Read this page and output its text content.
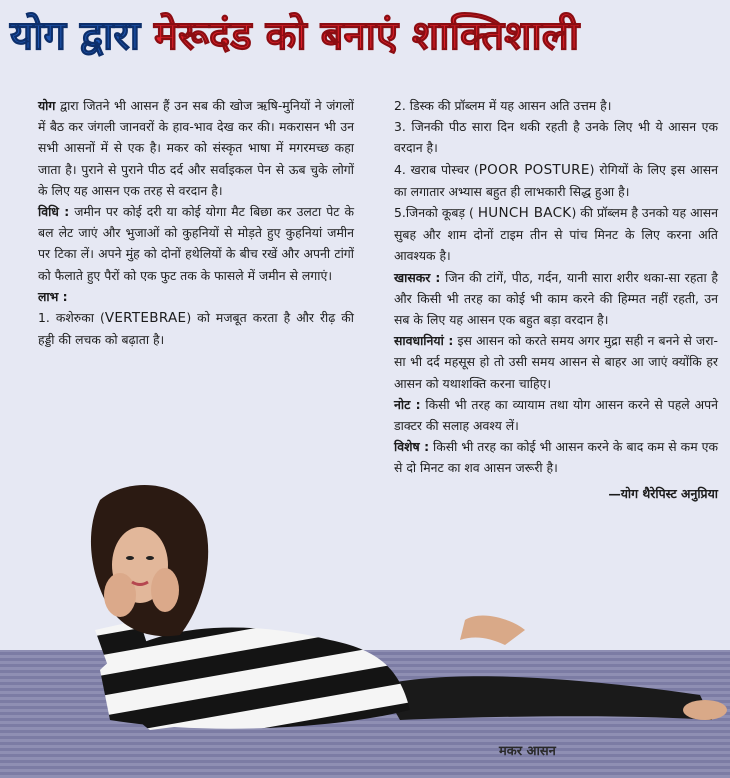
योग द्वारा मेरूदंड को बनाएं शाक्तिशाली

योग द्वारा जितने भी आसन हैं उन सब की खोज ऋषि-मुनियों ने जंगलों में बैठ कर जंगली जानवरों के हाव-भाव देख कर की। मकरासन भी उन सभी आसनों में से एक है। मकर को संस्कृत भाषा में मगरमच्छ कहा जाता है। पुराने से पुराने पीठ दर्द और सर्वाइकल पेन से ऊब चुके लोगों के लिए यह आसन एक तरह से वरदान है।

विधि : जमीन पर कोई दरी या कोई योगा मैट बिछा कर उलटा पेट के बल लेट जाएं और भुजाओं को कुहनियों से मोड़ते हुए कुहनियां जमीन पर टिका लें। अपने मुंह को दोनों हथेलियों के बीच रखें और अपनी टांगों को फैलाते हुए पैरों को एक फुट तक के फासले में जमीन से लगाएं।

लाभ :

1. कशेरुका (VERTEBRAE) को मजबूत करता है और रीढ़ की हड्डी की लचक को बढ़ाता है।

2. डिस्क की प्रॉब्लम में यह आसन अति उत्तम है।

3. जिनकी पीठ सारा दिन थकी रहती है उनके लिए भी ये आसन एक वरदान है।

4. खराब पोस्चर (POOR POSTURE) रोगियों के लिए इस आसन का लगातार अभ्यास बहुत ही लाभकारी सिद्ध हुआ है।

5.जिनको कूबड़ ( HUNCH BACK) की प्रॉब्लम है उनको यह आसन सुबह और शाम दोनों टाइम तीन से पांच मिनट के लिए करना अति आवश्यक है।

खासकर : जिन की टांगें, पीठ, गर्दन, यानी सारा शरीर थका-सा रहता है और किसी भी तरह का कोई भी काम करने की हिम्मत नहीं रहती, उन सब के लिए यह आसन एक बहुत बड़ा वरदान है।

सावधानियां : इस आसन को करते समय अगर मुद्रा सही न बनने से जरा-सा भी दर्द महसूस हो तो उसी समय आसन से बाहर आ जाएं क्योंकि हर आसन को यथाशक्ति करना चाहिए।

नोट : किसी भी तरह का व्यायाम तथा योग आसन करने से पहले अपने डाक्टर की सलाह अवश्य लें।

विशेष : किसी भी तरह का कोई भी आसन करने के बाद कम से कम एक से दो मिनट का शव आसन जरूरी है।

—योग थैरेपिस्ट अनुप्रिया

मकर आसन
